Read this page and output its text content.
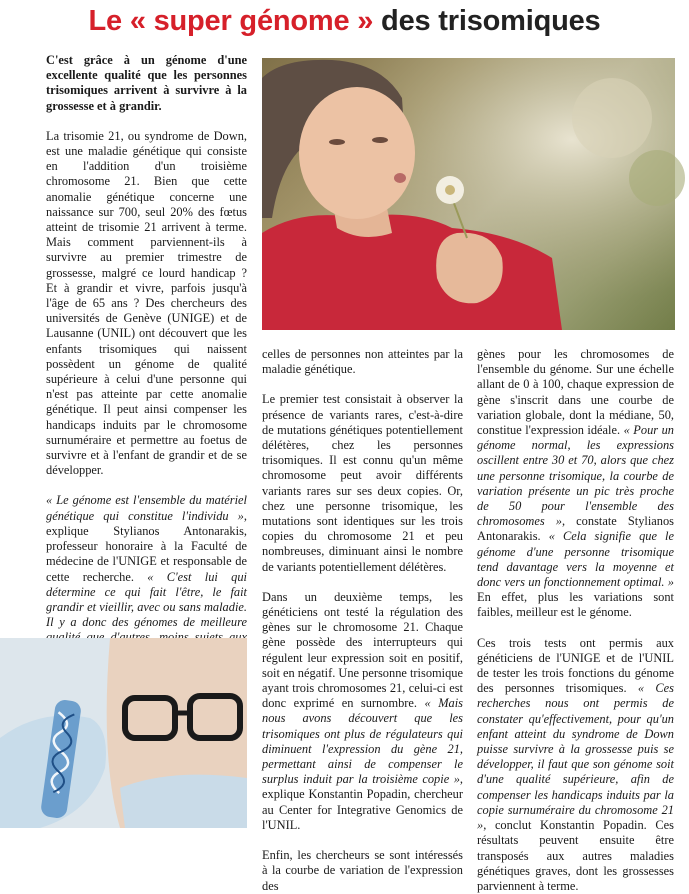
Le « super génome » des trisomiques

C'est grâce à un génome d'une excellente qualité que les personnes trisomiques arrivent à survivre à la grossesse et à grandir.

La trisomie 21, ou syndrome de Down, est une maladie génétique qui consiste en l'addition d'un troisième chromosome 21. Bien que cette anomalie génétique concerne une naissance sur 700, seul 20% des fœtus atteint de trisomie 21 arrivent à terme. Mais comment parviennent-ils à survivre au premier trimestre de grossesse, malgré ce lourd handicap ? Et à grandir et vivre, parfois jusqu'à l'âge de 65 ans ? Des chercheurs des universités de Genève (UNIGE) et de Lausanne (UNIL) ont découvert que les enfants trisomiques qui naissent possèdent un génome de qualité supérieure à celui d'une personne qui n'est pas atteinte par cette anomalie génétique. Il peut ainsi compenser les handicaps induits par le chromosome surnuméraire et permettre au foetus de survivre et à l'enfant de grandir et de se développer.

« Le génome est l'ensemble du matériel génétique qui constitue l'individu », explique Stylianos Antonarakis, professeur honoraire à la Faculté de médecine de l'UNIGE et responsable de cette recherche. « C'est lui qui détermine ce qui fait l'être, le fait grandir et vieillir, avec ou sans maladie. Il y a donc des génomes de meilleure

celles de personnes non atteintes par la maladie génétique.

Le premier test consistait à observer la présence de variants rares, c'est-à-dire de mutations génétiques potentiellement délétères, chez les personnes trisomiques. Il est connu qu'un même chromosome peut avoir différents variants rares sur ses deux copies. Or, chez une personne trisomique, les mutations sont identiques sur les trois copies du chromosome 21 et peu nombreuses, diminuant ainsi le nombre de variants potentiellement délétères.

Dans un deuxième temps, les généticiens ont testé la régulation des gènes sur le chromosome 21. Chaque gène possède des interrupteurs qui régulent leur expression soit en positif, soit en négatif. Une personne trisomique ayant trois chromosomes 21, celui-ci est donc exprimé en surnombre. « Mais nous avons découvert que les trisomiques ont plus de régulateurs qui diminuent l'expression du gène 21, permettant ainsi de compenser le surplus induit par la troisième copie », explique Konstantin Popadin, chercheur au Center for Integrative Genomics de l'UNIL.

Enfin, les chercheurs se sont intéressés à la courbe de variation de l'expression des

gènes pour les chromosomes de l'ensemble du génome. Sur une échelle allant de 0 à 100, chaque expression de gène s'inscrit dans une courbe de variation globale, dont la médiane, 50, constitue l'expression idéale. « Pour un génome normal, les expressions oscillent entre 30 et 70, alors que chez une personne trisomique, la courbe de variation présente un pic très proche de 50 pour l'ensemble des chromosomes », constate Stylianos Antonarakis. « Cela signifie que le génome d'une personne trisomique tend davantage vers la moyenne et donc vers un fonctionnement optimal. » En effet, plus les variations sont faibles, meilleur est le génome.

Ces trois tests ont permis aux généticiens de l'UNIGE et de l'UNIL de tester les trois fonctions du génome des personnes trisomiques. « Ces recherches nous ont permis de constater qu'effectivement, pour qu'un enfant atteint du syndrome de Down puisse survivre à la grossesse puis se développer, il faut que son génome soit d'une qualité supérieure, afin de compenser les handicaps induits par la copie surnuméraire du chromosome 21 », conclut Konstantin Popadin. Ces résultats peuvent ensuite être transposés aux autres maladies génétiques graves, dont les grossesses parviennent à terme.
